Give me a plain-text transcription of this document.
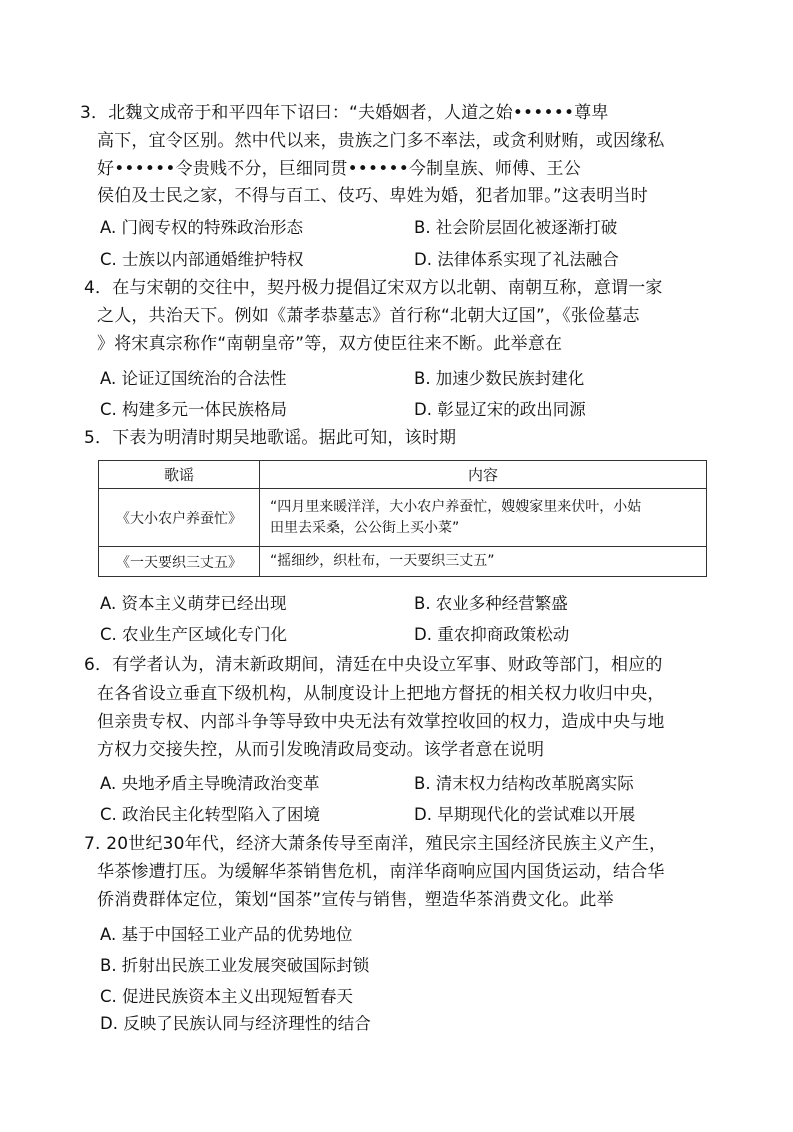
3．北魏文成帝于和平四年下诏曰：“夫婚姻者，人道之始••••••尊卑
高下，宜令区别。然中代以来，贵族之门多不率法，或贪利财贿，或因缘私
好••••••令贵贱不分，巨细同贯••••••今制皇族、师傅、王公
侯伯及士民之家，不得与百工、伎巧、卑姓为婚，犯者加罪。”这表明当时
A. 门阀专权的特殊政治形态	B. 社会阶层固化被逐渐打破
C. 士族以内部通婚维护特权	D. 法律体系实现了礼法融合
4．在与宋朝的交往中，契丹极力提倡辽宋双方以北朝、南朝互称，意谓一家
之人，共治天下。例如《萧孝恭墓志》首行称“北朝大辽国”，《张俭墓志
》将宋真宗称作“南朝皇帝”等，双方使臣往来不断。此举意在
A. 论证辽国统治的合法性	B. 加速少数民族封建化
C. 构建多元一体民族格局	D. 彰显辽宋的政出同源
5．下表为明清时期吴地歌谣。据此可知，该时期
歌谣	内容
《大小农户养蚕忙》	“四月里来暖洋洋，大小农户养蚕忙，嫂嫂家里来伏叶，小姑
田里去采桑，公公街上买小菜”

《一天要织三丈五》	“摇细纱，织杜布，一天要织三丈五”
A. 资本主义萌芽已经出现	B. 农业多种经营繁盛
C. 农业生产区域化专门化	D. 重农抑商政策松动
6．有学者认为，清末新政期间，清廷在中央设立军事、财政等部门，相应的
在各省设立垂直下级机构，从制度设计上把地方督抚的相关权力收归中央，
但亲贵专权、内部斗争等导致中央无法有效掌控收回的权力，造成中央与地
方权力交接失控，从而引发晚清政局变动。该学者意在说明
A. 央地矛盾主导晚清政治变革	B. 清末权力结构改革脱离实际
C. 政治民主化转型陷入了困境	D. 早期现代化的尝试难以开展
7. 20世纪30年代，经济大萧条传导至南洋，殖民宗主国经济民族主义产生，
华茶惨遭打压。为缓解华茶销售危机，南洋华商响应国内国货运动，结合华
侨消费群体定位，策划“国茶”宣传与销售，塑造华茶消费文化。此举
A. 基于中国轻工业产品的优势地位
B. 折射出民族工业发展突破国际封锁
C. 促进民族资本主义出现短暂春天
D. 反映了民族认同与经济理性的结合
